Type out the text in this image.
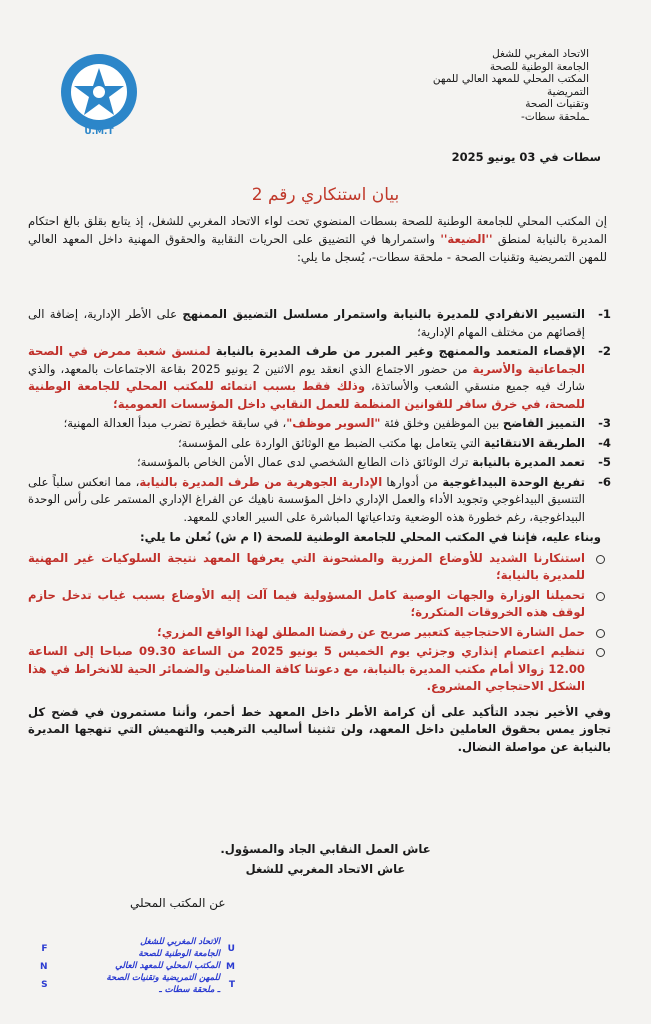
U.M.T
الاتحاد المغربي للشغل
الجامعة الوطنية للصحة
المكتب المحلي للمعهد العالي للمهن
التمريضية
وتقنيات الصحة
ـملحقة سطات-
سطات في 03 يونيو 2025
بيان استنكاري رقم 2
إن المكتب المحلي للجامعة الوطنية للصحة بسطات المنضوي تحت لواء الاتحاد المغربي للشغل، إذ يتابع بقلق بالغ احتكام المديرة بالنيابة لمنطق ''الضيعة'' واستمرارها في التضييق على الحريات النقابية والحقوق المهنية داخل المعهد العالي للمهن التمريضية وتقنيات الصحة - ملحقة سطات-، يُسجل ما يلي:
1-
التسيير الانفرادي للمديرة بالنيابة واستمرار مسلسل التضييق الممنهج على الأطر الإدارية، إضافة الى إقصائهم من مختلف المهام الإدارية؛
2-
الإقصاء المتعمد والممنهج وغير المبرر من طرف المديرة بالنيابة لمنسق شعبة ممرض في الصحة الجماعاتية والأسرية من حضور الاجتماع الذي انعقد يوم الاثنين 2 يونيو 2025 بقاعة الاجتماعات بالمعهد، والذي شارك فيه جميع منسقي الشعب والأساتذة، وذلك فقط بسبب انتمائه للمكتب المحلي للجامعة الوطنية للصحة، في خرق سافر للقوانين المنظمة للعمل النقابي داخل المؤسسات العمومية؛
3-
التمييز الفاضح بين الموظفين وخلق فئة "السوبر موظف"، في سابقة خطيرة تضرب مبدأ العدالة المهنية؛
4-
الطريقة الانتقائية التي يتعامل بها مكتب الضبط مع الوثائق الواردة على المؤسسة؛
5-
تعمد المديرة بالنيابة ترك الوثائق ذات الطابع الشخصي لدى عمال الأمن الخاص بالمؤسسة؛
6-
تفريغ الوحدة البيداغوجية من أدوارها الإدارية الجوهرية من طرف المديرة بالنيابة، مما انعكس سلباً على التنسيق البيداغوجي وتجويد الأداء والعمل الإداري داخل المؤسسة ناهيك عن الفراغ الإداري المستمر على رأس الوحدة البيداغوجية، رغم خطورة هذه الوضعية وتداعياتها المباشرة على السير العادي للمعهد.
وبناء عليه، فإننا في المكتب المحلي للجامعة الوطنية للصحة (ا م ش) نُعلن ما يلي:
استنكارنا الشديد للأوضاع المزرية والمشحونة التي يعرفها المعهد نتيجة السلوكيات غير المهنية للمديرة بالنيابة؛
تحميلنا الوزارة والجهات الوصية كامل المسؤولية فيما آلت إليه الأوضاع بسبب غياب تدخل حازم لوقف هذه الخروقات المتكررة؛
حمل الشارة الاحتجاجية كتعبير صريح عن رفضنا المطلق لهذا الواقع المزري؛
تنظيم اعتصام إنذاري وجزئي يوم الخميس 5 يونيو 2025 من الساعة 09.30 صباحا إلى الساعة 12.00 زوالا أمام مكتب المديرة بالنيابة، مع دعوتنا كافة المناضلين والضمائر الحية للانخراط في هذا الشكل الاحتجاجي المشروع.
وفي الأخير نجدد التأكيد على أن كرامة الأطر داخل المعهد خط أحمر، وأننا مستمرون في فضح كل تجاوز يمس بحقوق العاملين داخل المعهد، ولن تثنينا أساليب الترهيب والتهميش التي تنهجها المديرة بالنيابة عن مواصلة النضال.
عاش العمل النقابي الجاد والمسؤول.
عاش الاتحاد المغربي للشغل
عن المكتب المحلي
الاتحاد المغربي للشغل
الجامعة الوطنية للصحة
المكتب المحلي للمعهد العالي
للمهن التمريضية وتقنيات الصحة
ـ ملحقة سطات ـ
F
N
S
U
M
T
